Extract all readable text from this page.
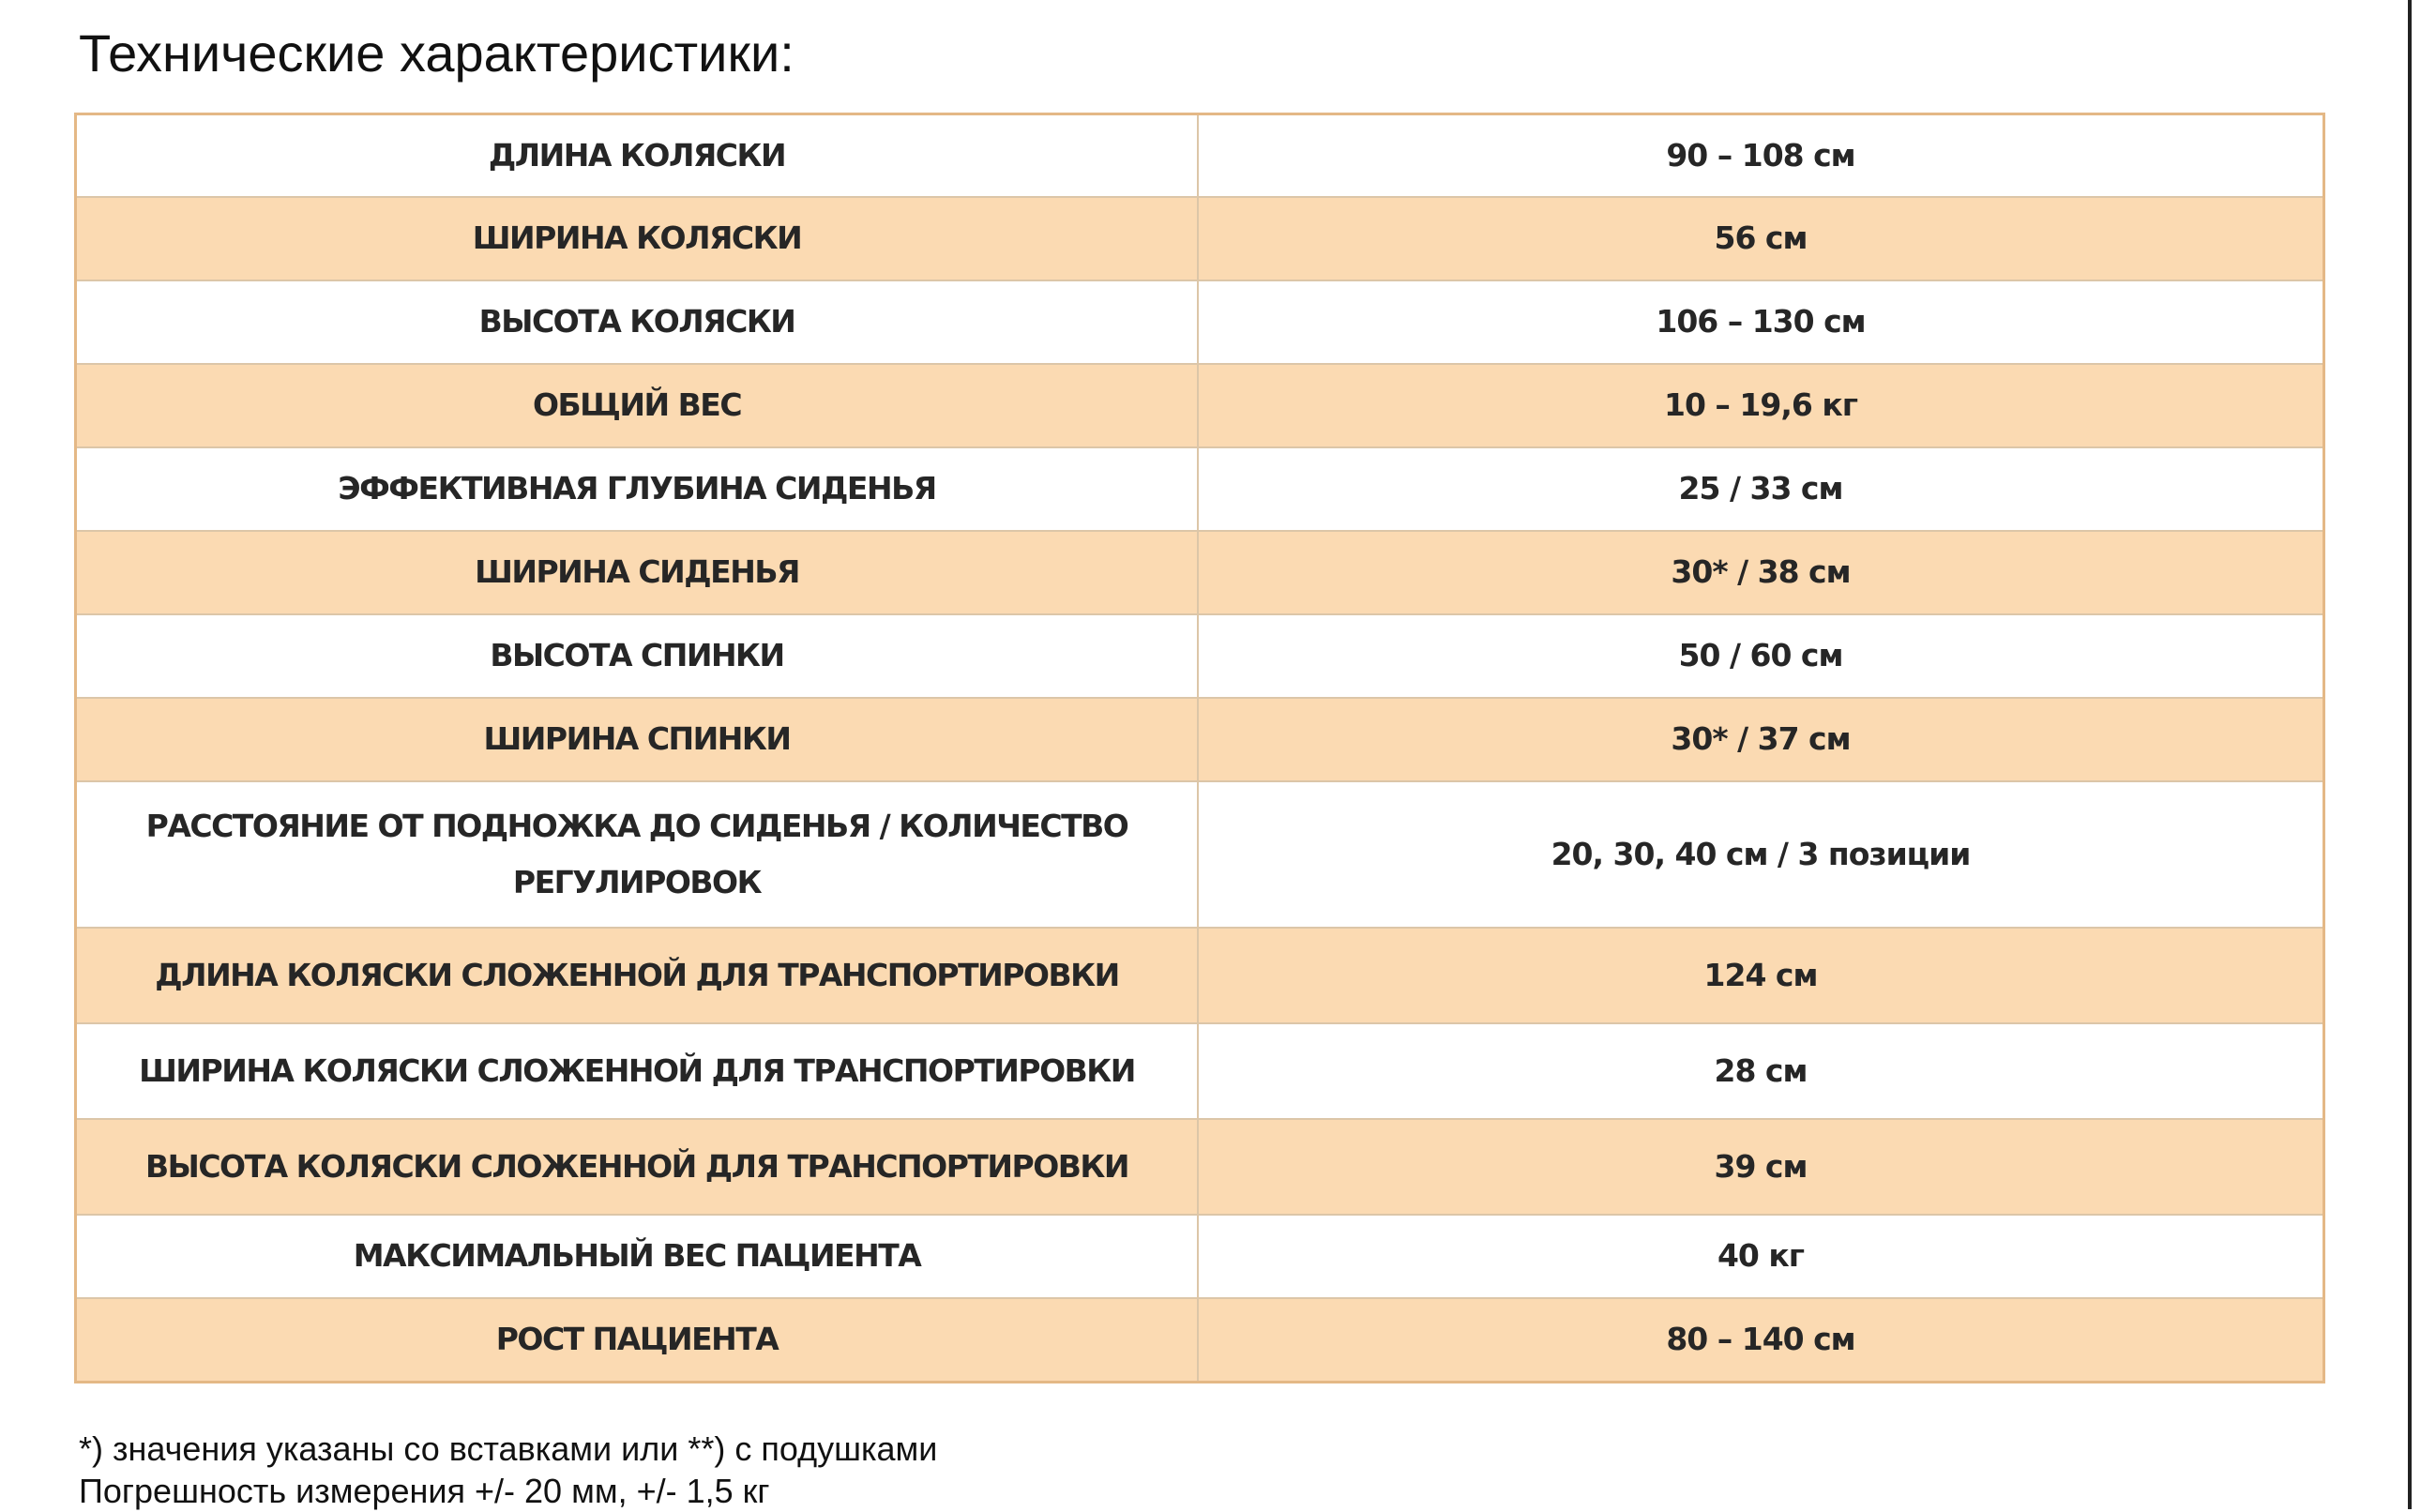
Технические характеристики:
ДЛИНА КОЛЯСКИ	90 – 108 см
ШИРИНА КОЛЯСКИ	56 см
ВЫСОТА КОЛЯСКИ	106 – 130 см
ОБЩИЙ ВЕС	10 – 19,6 кг
ЭФФЕКТИВНАЯ ГЛУБИНА СИДЕНЬЯ	25 / 33 см
ШИРИНА СИДЕНЬЯ	30* / 38 см
ВЫСОТА СПИНКИ	50 / 60 см
ШИРИНА СПИНКИ	30* / 37 см
РАССТОЯНИЕ ОТ ПОДНОЖКА ДО СИДЕНЬЯ / КОЛИЧЕСТВО РЕГУЛИРОВОК	20, 30, 40 см / 3 позиции
ДЛИНА КОЛЯСКИ СЛОЖЕННОЙ ДЛЯ ТРАНСПОРТИРОВКИ	124 см
ШИРИНА КОЛЯСКИ СЛОЖЕННОЙ ДЛЯ ТРАНСПОРТИРОВКИ	28 см
ВЫСОТА КОЛЯСКИ СЛОЖЕННОЙ ДЛЯ ТРАНСПОРТИРОВКИ	39 см
МАКСИМАЛЬНЫЙ ВЕС ПАЦИЕНТА	40 кг
РОСТ ПАЦИЕНТА	80 – 140 см
*) значения указаны со вставками или **) с подушками
Погрешность измерения +/- 20 мм, +/- 1,5 кг
